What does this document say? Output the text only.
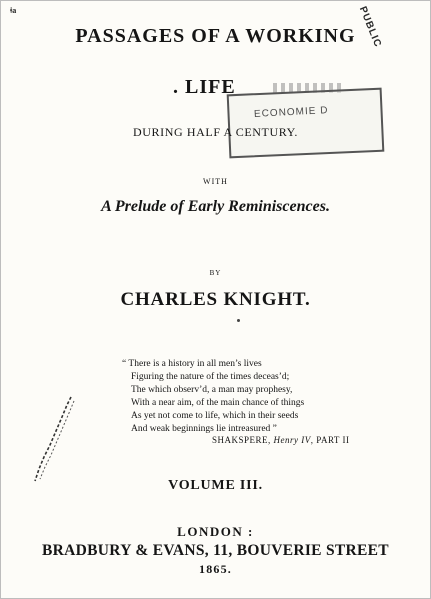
ǂa
PASSAGES OF A WORKING
. LIFE
ECONOMIE D
DURING HALF A CENTURY.
PUBLIC
WITH
A Prelude of Early Reminiscences.
BY
CHARLES KNIGHT.
“ There is a history in all men’s lives
Figuring the nature of the times deceas’d;
The which observ’d, a man may prophesy,
With a near aim, of the main chance of things
As yet not come to life, which in their seeds
And weak beginnings lie intreasured ”
SHAKSPERE, Henry IV, PART II
VOLUME III.
LONDON :
BRADBURY & EVANS, 11, BOUVERIE STREET
1865.
